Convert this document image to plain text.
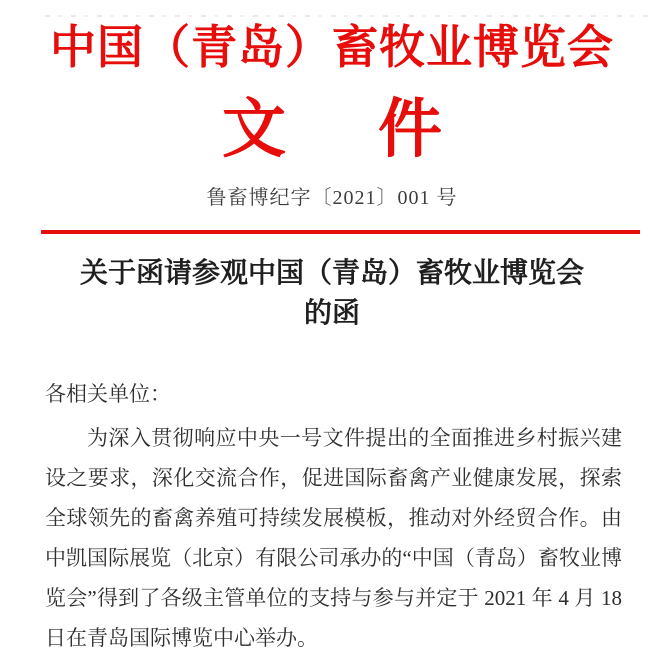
中国（青岛）畜牧业博览会
文 件
鲁畜博纪字〔2021〕001 号
关于函请参观中国（青岛）畜牧业博览会
的函
各相关单位：
为深入贯彻响应中央一号文件提出的全面推进乡村振兴建设之要求，深化交流合作，促进国际畜禽产业健康发展，探索全球领先的畜禽养殖可持续发展模板，推动对外经贸合作。由中凯国际展览（北京）有限公司承办的“中国（青岛）畜牧业博览会”得到了各级主管单位的支持与参与并定于 2021 年 4 月 18 日在青岛国际博览中心举办。
